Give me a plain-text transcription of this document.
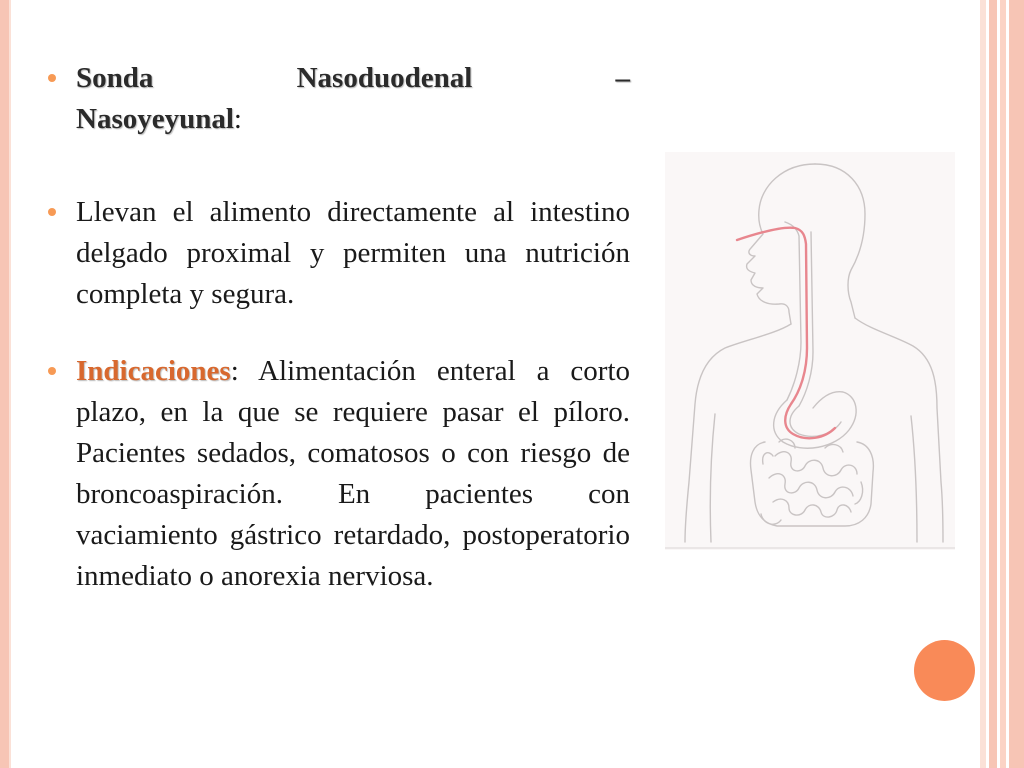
Sonda Nasoduodenal –
Nasoyeyunal:
Llevan el alimento directamente al intestino delgado proximal y permiten una nutrición completa y segura.
Indicaciones: Alimentación enteral a corto plazo, en la que se requiere pasar el píloro. Pacientes sedados, comatosos o con riesgo de broncoaspiración. En pacientes con vaciamiento gástrico retardado, postoperatorio inmediato o anorexia nerviosa.
